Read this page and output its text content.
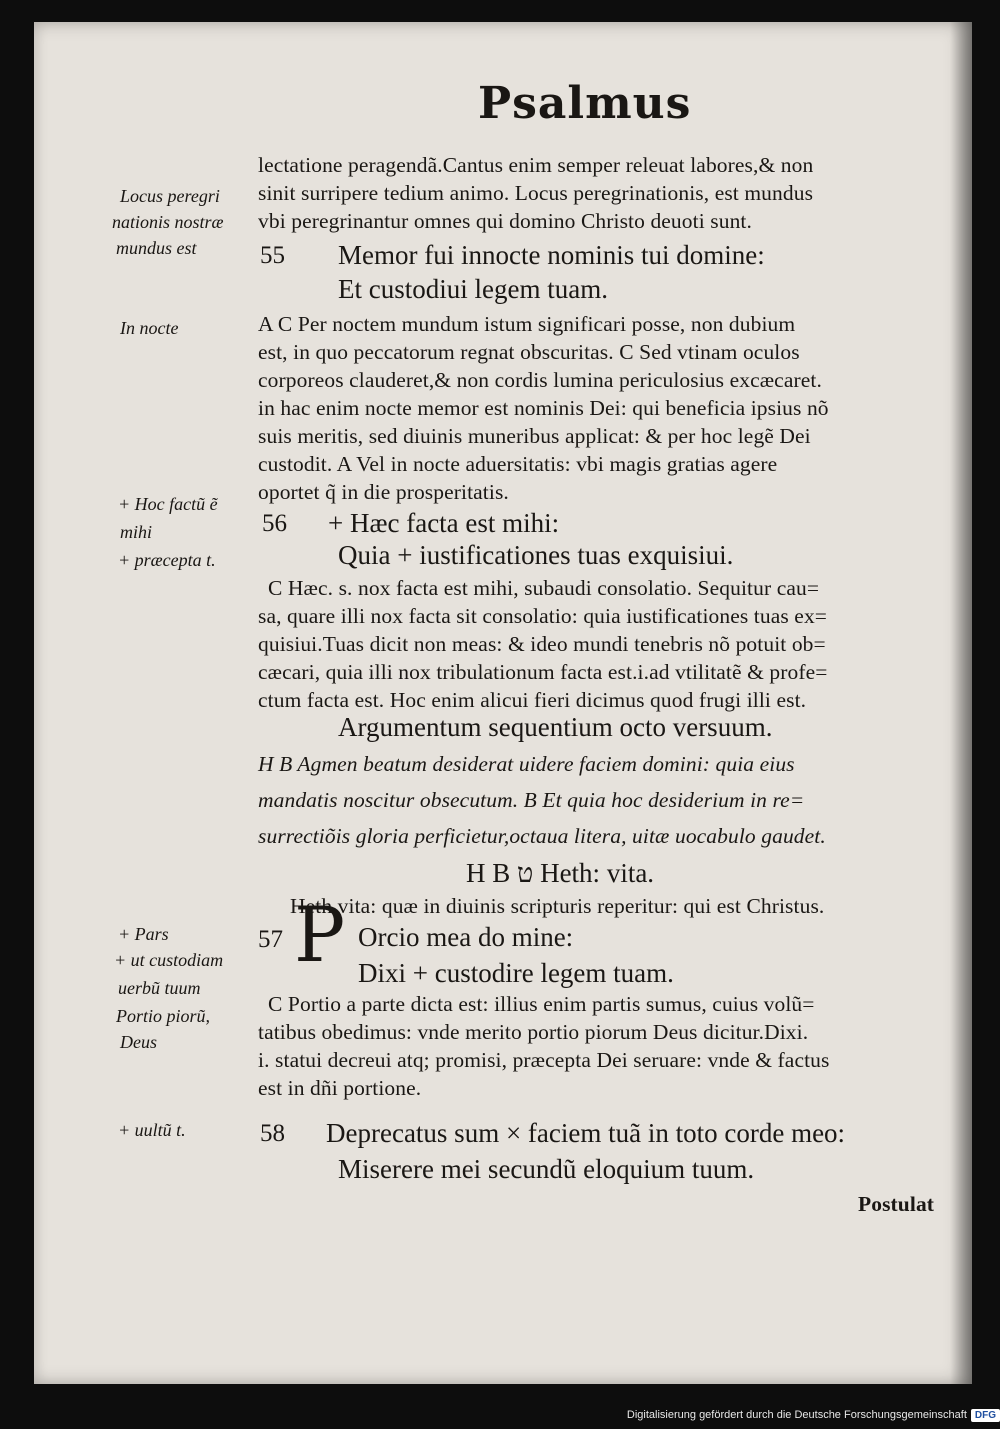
Psalmus
lectatione peragendã.Cantus enim semper releuat labores,& non
sinit surripere tedium animo. Locus peregrinationis, est mundus
vbi peregrinantur omnes qui domino Christo deuoti sunt.
Memor fui innocte nominis tui domine:
Et custodiui legem tuam.
A C Per noctem mundum istum significari posse, non dubium
est, in quo peccatorum regnat obscuritas. C Sed vtinam oculos
corporeos clauderet,& non cordis lumina periculosius excæcaret.
in hac enim nocte memor est nominis Dei: qui beneficia ipsius nõ
suis meritis, sed diuinis muneribus applicat: & per hoc legẽ Dei
custodit. A Vel in nocte aduersitatis: vbi magis gratias agere
oportet q̃ in die prosperitatis.
+ Hæc facta est mihi:
Quia + iustificationes tuas exquisiui.
C Hæc. s. nox facta est mihi, subaudi consolatio. Sequitur cau=
sa, quare illi nox facta sit consolatio: quia iustificationes tuas ex=
quisiui.Tuas dicit non meas: & ideo mundi tenebris nõ potuit ob=
cæcari, quia illi nox tribulationum facta est.i.ad vtilitatẽ & profe=
ctum facta est. Hoc enim alicui fieri dicimus quod frugi illi est.
Argumentum sequentium octo versuum.
H B Agmen beatum desiderat uidere faciem domini: quia eius
mandatis noscitur obsecutum. B Et quia hoc desiderium in re=
surrectiõis gloria perficietur,octaua litera, uitæ uocabulo gaudet.
H B ט Heth: vita.
Heth vita: quæ in diuinis scripturis reperitur: qui est Christus.
Orcio mea do mine:
Dixi + custodire legem tuam.
C Portio a parte dicta est: illius enim partis sumus, cuius volũ=
tatibus obedimus: vnde merito portio piorum Deus dicitur.Dixi.
i. statui decreui atq; promisi, præcepta Dei seruare: vnde & factus
est in dñi portione.
Deprecatus sum × faciem tuã in toto corde meo:
Miserere mei secundũ eloquium tuum.
55
56
57
58
P
Locus peregri
nationis nostræ
mundus est
In nocte
+ Hoc factũ ẽ
mihi
+ præcepta t.
+ Pars
+ ut custodiam
uerbũ tuum
Portio piorũ,
Deus
+ uultũ t.
Postulat
Digitalisierung gefördert durch die Deutsche Forschungsgemeinschaft DFG
